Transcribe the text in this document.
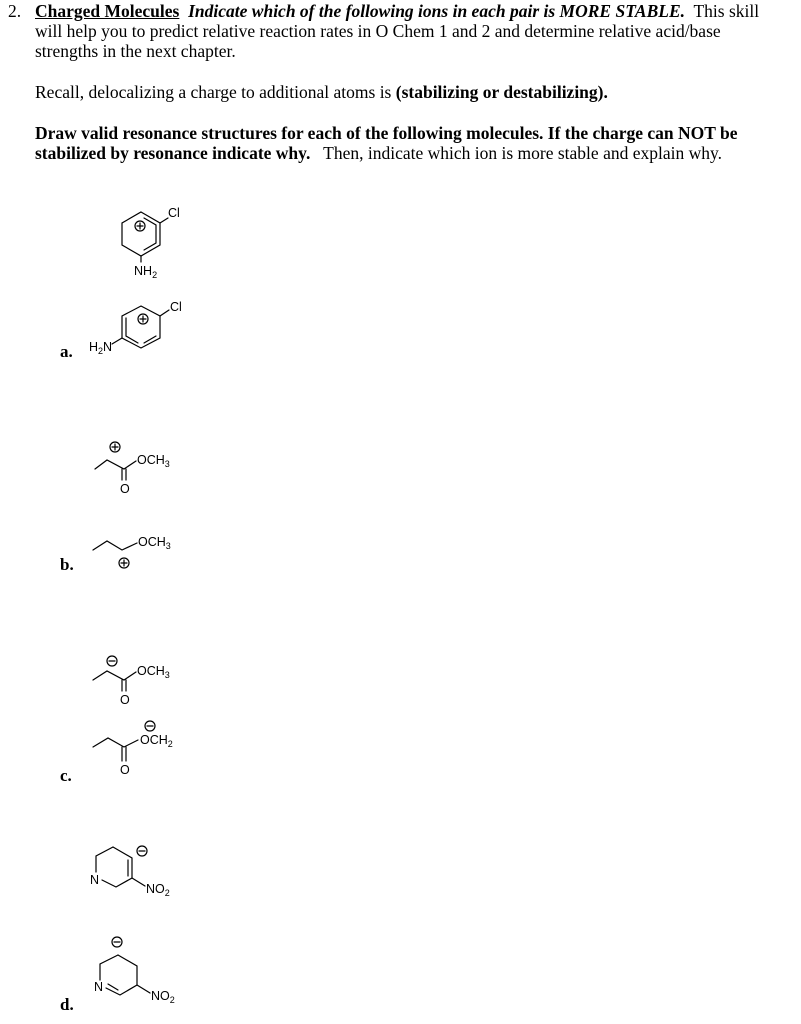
2. Charged Molecules Indicate which of the following ions in each pair is MORE STABLE. This skill will help you to predict relative reaction rates in O Chem 1 and 2 and determine relative acid/base strengths in the next chapter.
Recall, delocalizing a charge to additional atoms is (stabilizing or destabilizing).
Draw valid resonance structures for each of the following molecules. If the charge can NOT be stabilized by resonance indicate why. Then, indicate which ion is more stable and explain why.
a.
b.
c.
d.
Cl
$NH_2$
Cl
$H_2N$
$OCH_3$
O
$OCH_3$
$OCH_3$
O
$OCH_2$
O
N
$NO_2$
N
$NO_2$
